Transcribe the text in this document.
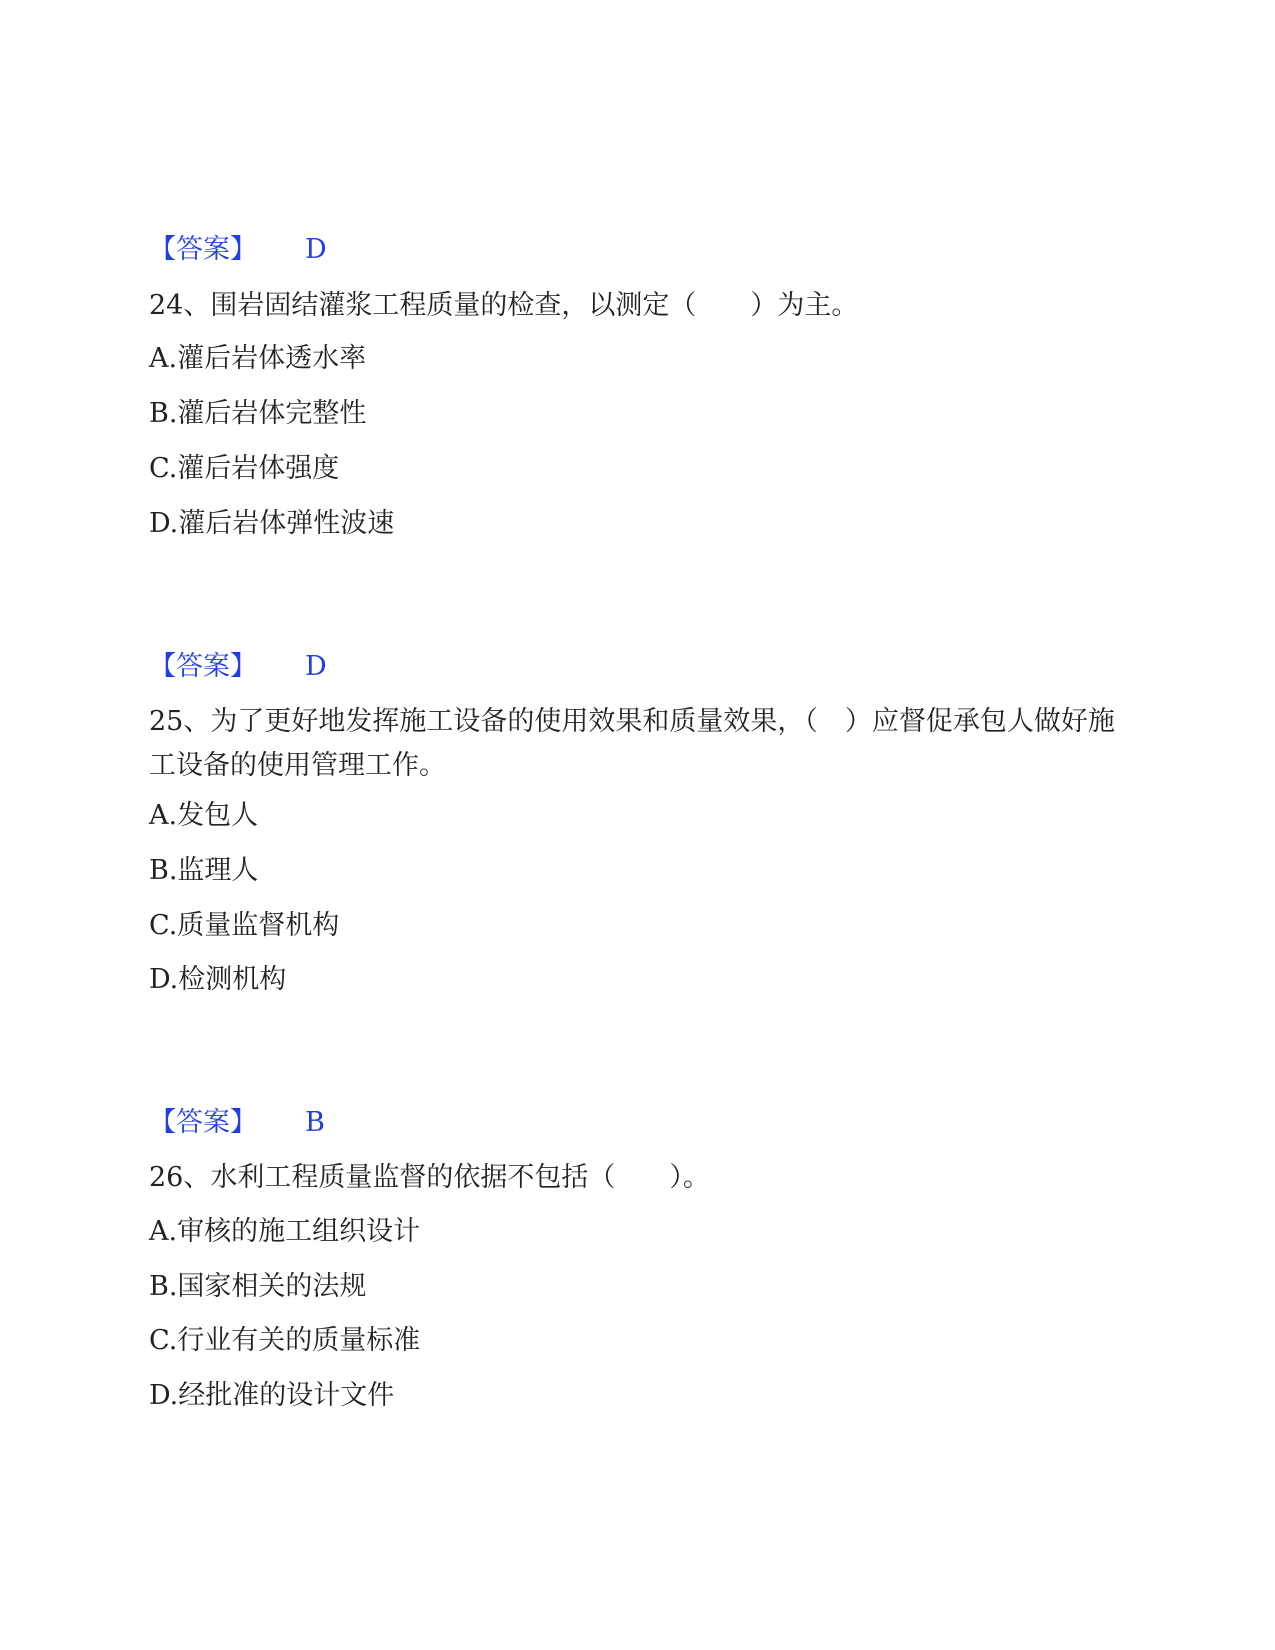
【答案】 D
24、围岩固结灌浆工程质量的检查，以测定（　　）为主。
A.灌后岩体透水率
B.灌后岩体完整性
C.灌后岩体强度
D.灌后岩体弹性波速
【答案】 D
25、为了更好地发挥施工设备的使用效果和质量效果，（　）应督促承包人做好施工设备的使用管理工作。
A.发包人
B.监理人
C.质量监督机构
D.检测机构
【答案】 B
26、水利工程质量监督的依据不包括（　　）。
A.审核的施工组织设计
B.国家相关的法规
C.行业有关的质量标准
D.经批准的设计文件
